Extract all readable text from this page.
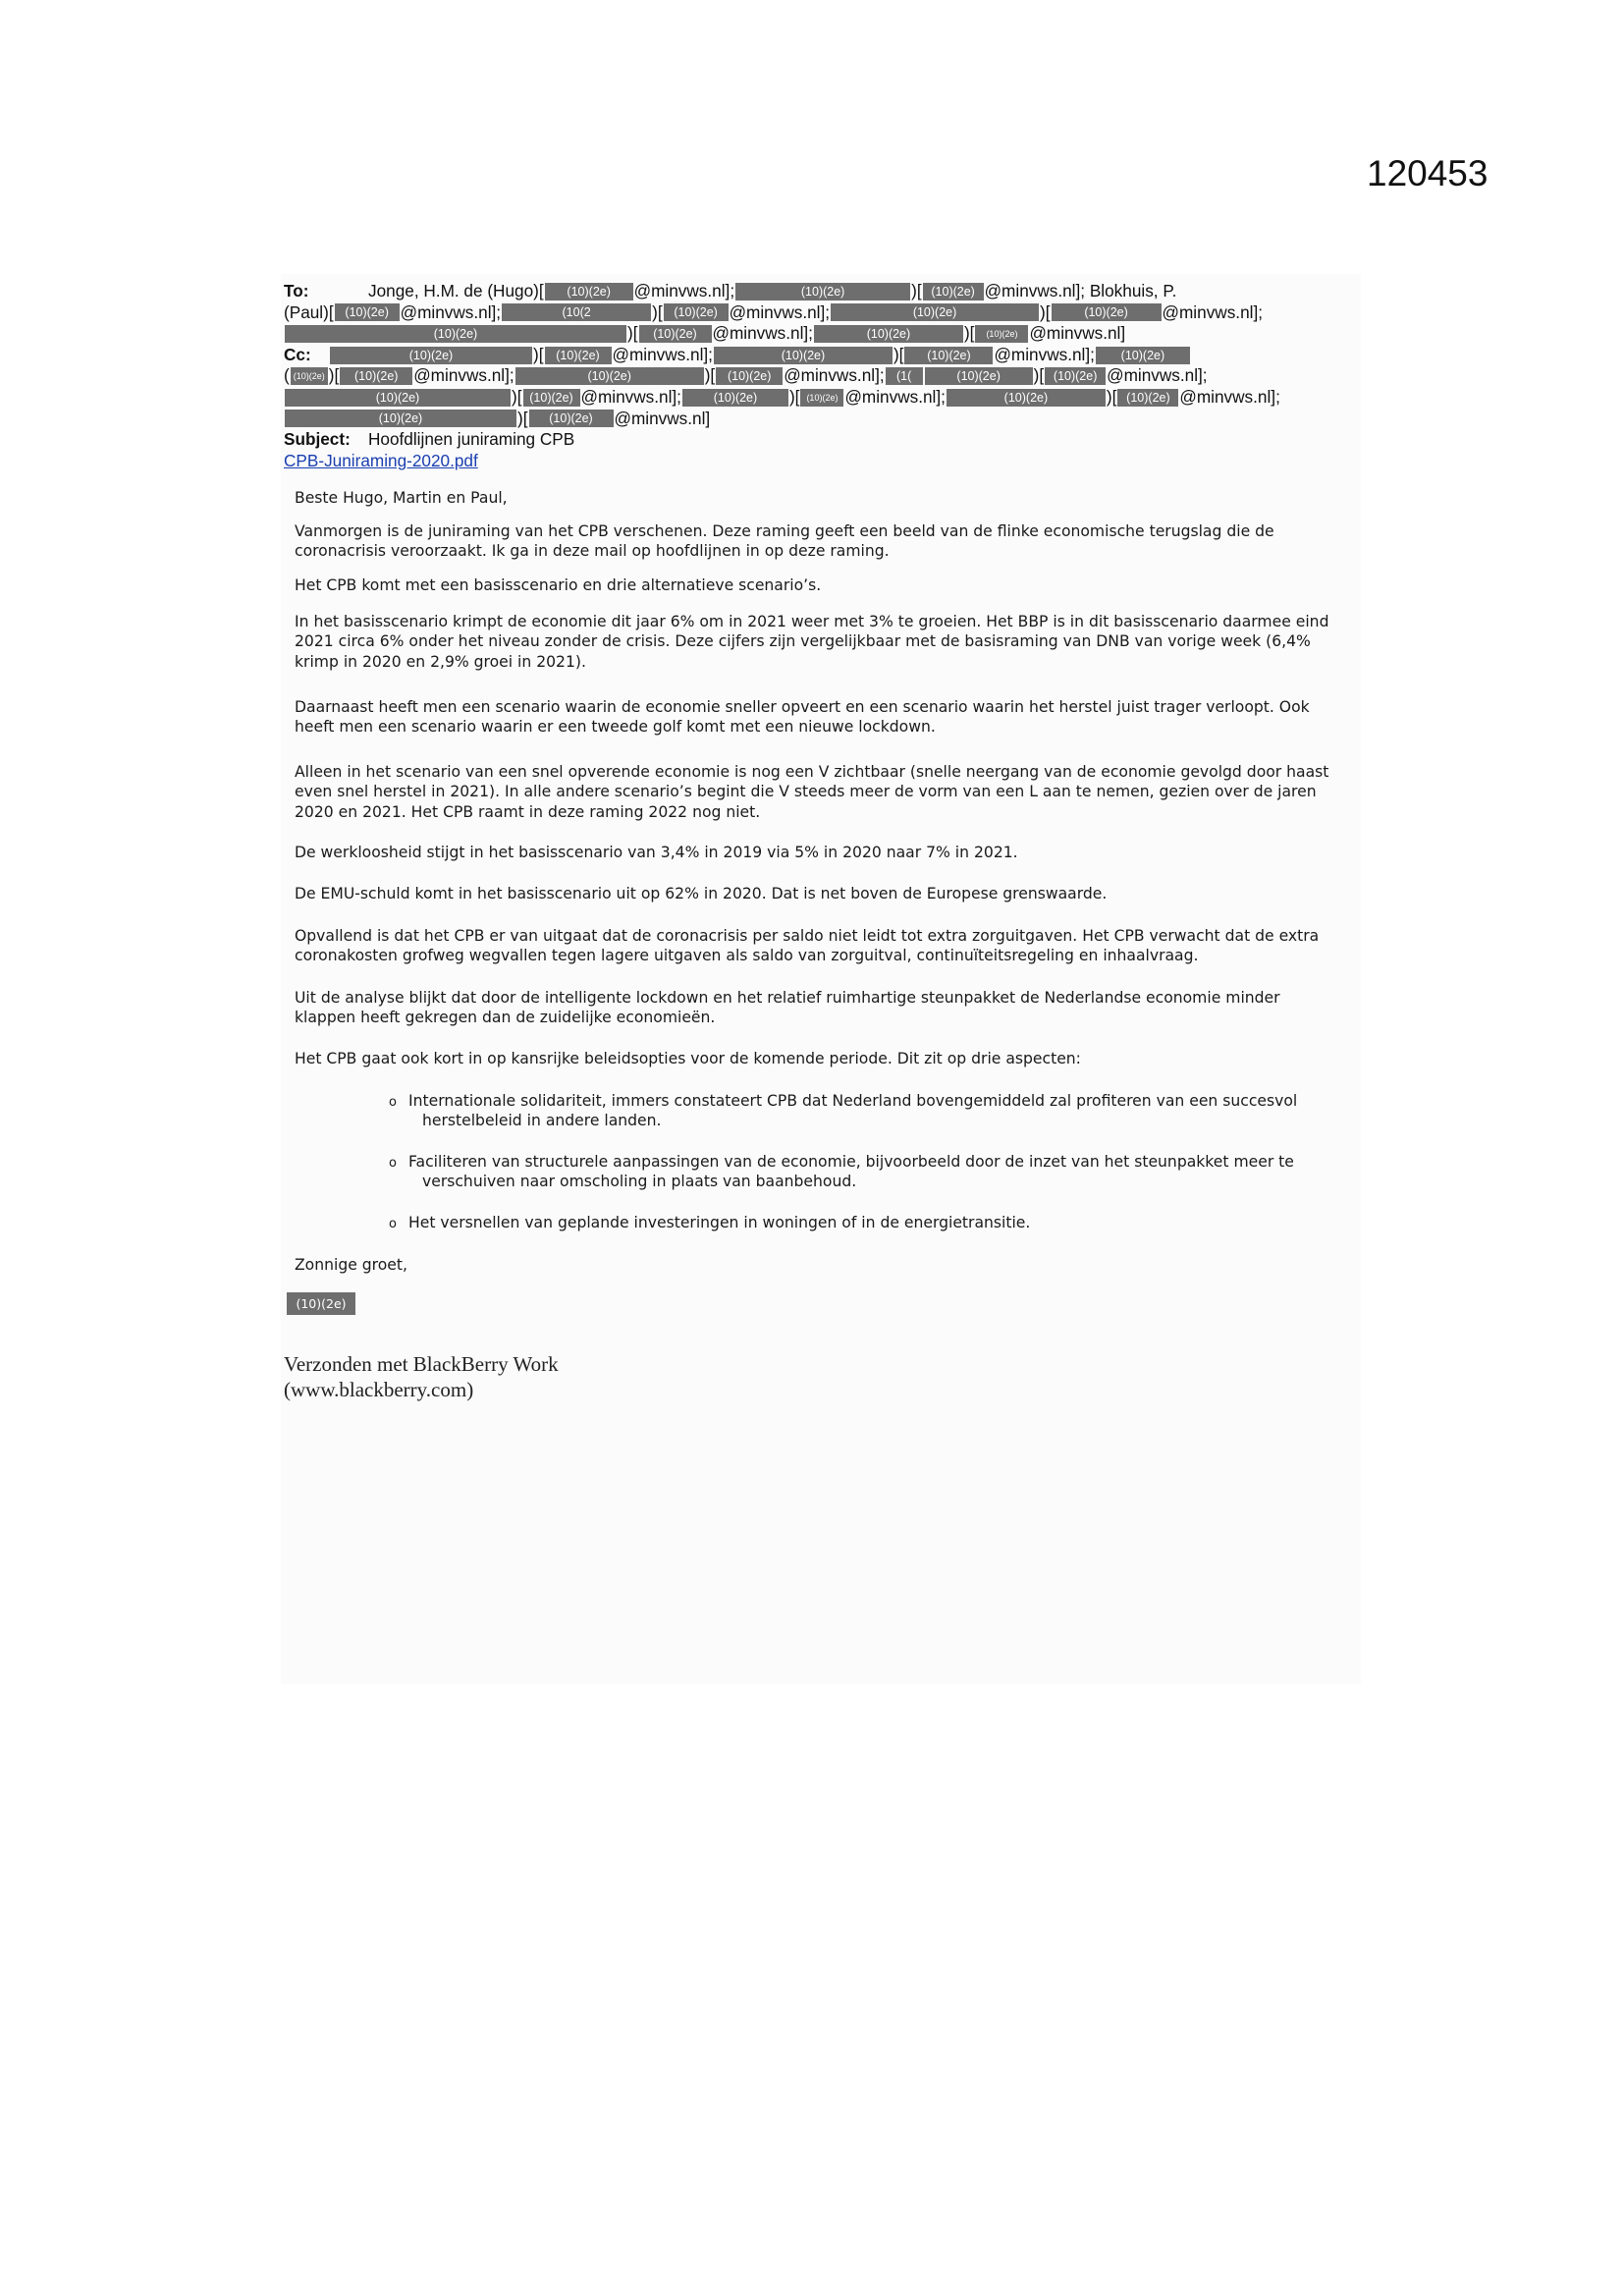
120453
To:	Jonge, H.M. de (Hugo) [	(10)(2e)	@minvws.nl];	(10)(2e)	)[ (10)(2e) @minvws.nl];
Blokhuis, P.
(Paul) [ (10)(2e) @minvws.nl];	(10(2	)[ (10)(2e) @minvws.nl];	(10)(2e)	)[	(10)(2e)	@minvws.nl];
(10)(2e)	)[	(10)(2e) @minvws.nl];	(10)(2e)	)[	(10)(2e) @minvws.nl]
Cc:	(10)(2e)	)[	(10)(2e) @minvws.nl];	(10)(2e)	)[	(10)(2e)	@minvws.nl];	(10)(2e)
( (10)(2e) )[	(10)(2e) @minvws.nl];	(10)(2e)	)[	(10)(2e) @minvws.nl]; (1(	(10)(2e)	)[ (10)(2e) @minvws.nl];
(10)(2e)	)[ (10)(2e) @minvws.nl];	(10)(2e)	)[ (10)(2e) @minvws.nl];	(10)(2e)	)[ (10)(2e) @minvws.nl];
(10)(2e)	)[	(10)(2e)	@minvws.nl]
Subject:	Hoofdlijnen juniraming CPB
CPB-Juniraming-2020.pdf

Beste Hugo, Martin en Paul,

Vanmorgen is de juniraming van het CPB verschenen. Deze raming geeft een beeld van de flinke economische terugslag die de coronacrisis veroorzaakt. Ik ga in deze mail op hoofdlijnen in op deze raming.

Het CPB komt met een basisscenario en drie alternatieve scenario’s.

In het basisscenario krimpt de economie dit jaar 6% om in 2021 weer met 3% te groeien. Het BBP is in dit basisscenario daarmee eind 2021 circa 6% onder het niveau zonder de crisis. Deze cijfers zijn vergelijkbaar met de basisraming van DNB van vorige week (6,4% krimp in 2020 en 2,9% groei in 2021).

Daarnaast heeft men een scenario waarin de economie sneller opveert en een scenario waarin het herstel juist trager verloopt. Ook heeft men een scenario waarin er een tweede golf komt met een nieuwe lockdown.

Alleen in het scenario van een snel opverende economie is nog een V zichtbaar (snelle neergang van de economie gevolgd door haast even snel herstel in 2021). In alle andere scenario’s begint die V steeds meer de vorm van een L aan te nemen, gezien over de jaren 2020 en 2021. Het CPB raamt in deze raming 2022 nog niet.

De werkloosheid stijgt in het basisscenario van 3,4% in 2019 via 5% in 2020 naar 7% in 2021.

De EMU-schuld komt in het basisscenario uit op 62% in 2020. Dat is net boven de Europese grenswaarde.

Opvallend is dat het CPB er van uitgaat dat de coronacrisis per saldo niet leidt tot extra zorguitgaven. Het CPB verwacht dat de extra coronakosten grofweg wegvallen tegen lagere uitgaven als saldo van zorguitval, continuïteitsregeling en inhaalvraag.

Uit de analyse blijkt dat door de intelligente lockdown en het relatief ruimhartige steunpakket de Nederlandse economie minder klappen heeft gekregen dan de zuidelijke economieën.

Het CPB gaat ook kort in op kansrijke beleidsopties voor de komende periode. Dit zit op drie aspecten:

o Internationale solidariteit, immers constateert CPB dat Nederland bovengemiddeld zal profiteren van een succesvol
herstelbeleid in andere landen.
o Faciliteren van structurele aanpassingen van de economie, bijvoorbeeld door de inzet van het steunpakket meer te
verschuiven naar omscholing in plaats van baanbehoud.
o Het versnellen van geplande investeringen in woningen of in de energietransitie.

Zonnige groet,

(10)(2e)
Verzonden met BlackBerry Work
(www.blackberry.com)
